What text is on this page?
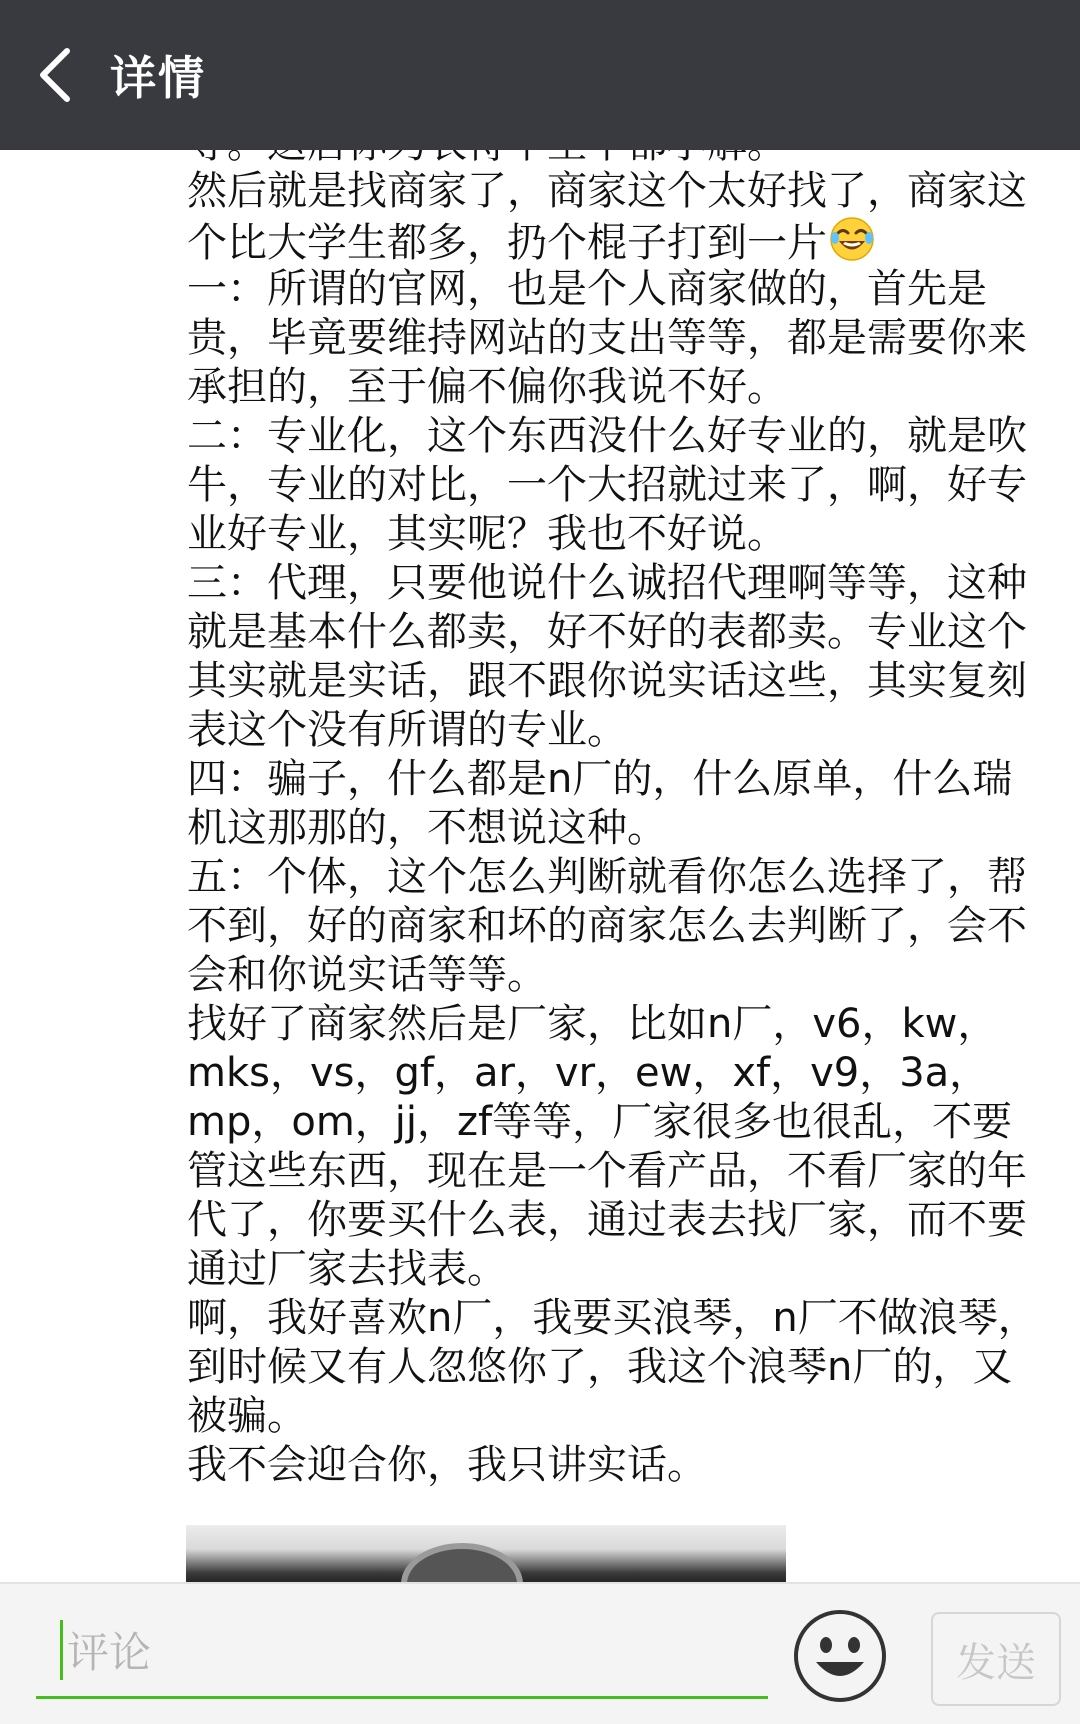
详情
然后就是找商家了，商家这个太好找了，商家这个比大学生都多，扔个棍子打到一片
一：所谓的官网，也是个人商家做的，首先是贵，毕竟要维持网站的支出等等，都是需要你来承担的，至于偏不偏你我说不好。
二：专业化，这个东西没什么好专业的，就是吹牛，专业的对比，一个大招就过来了，啊，好专业好专业，其实呢？我也不好说。
三：代理，只要他说什么诚招代理啊等等，这种就是基本什么都卖，好不好的表都卖。专业这个其实就是实话，跟不跟你说实话这些，其实复刻表这个没有所谓的专业。
四：骗子，什么都是n厂的，什么原单，什么瑞机这那那的，不想说这种。
五：个体，这个怎么判断就看你怎么选择了，帮不到，好的商家和坏的商家怎么去判断了，会不会和你说实话等等。
找好了商家然后是厂家，比如n厂，v6，kw，mks，vs，gf，ar，vr，ew，xf，v9，3a，mp，om，jj，zf等等，厂家很多也很乱，不要管这些东西，现在是一个看产品，不看厂家的年代了，你要买什么表，通过表去找厂家，而不要通过厂家去找表。
啊，我好喜欢n厂，我要买浪琴，n厂不做浪琴，到时候又有人忽悠你了，我这个浪琴n厂的，又被骗。
我不会迎合你，我只讲实话。
评论	发送
